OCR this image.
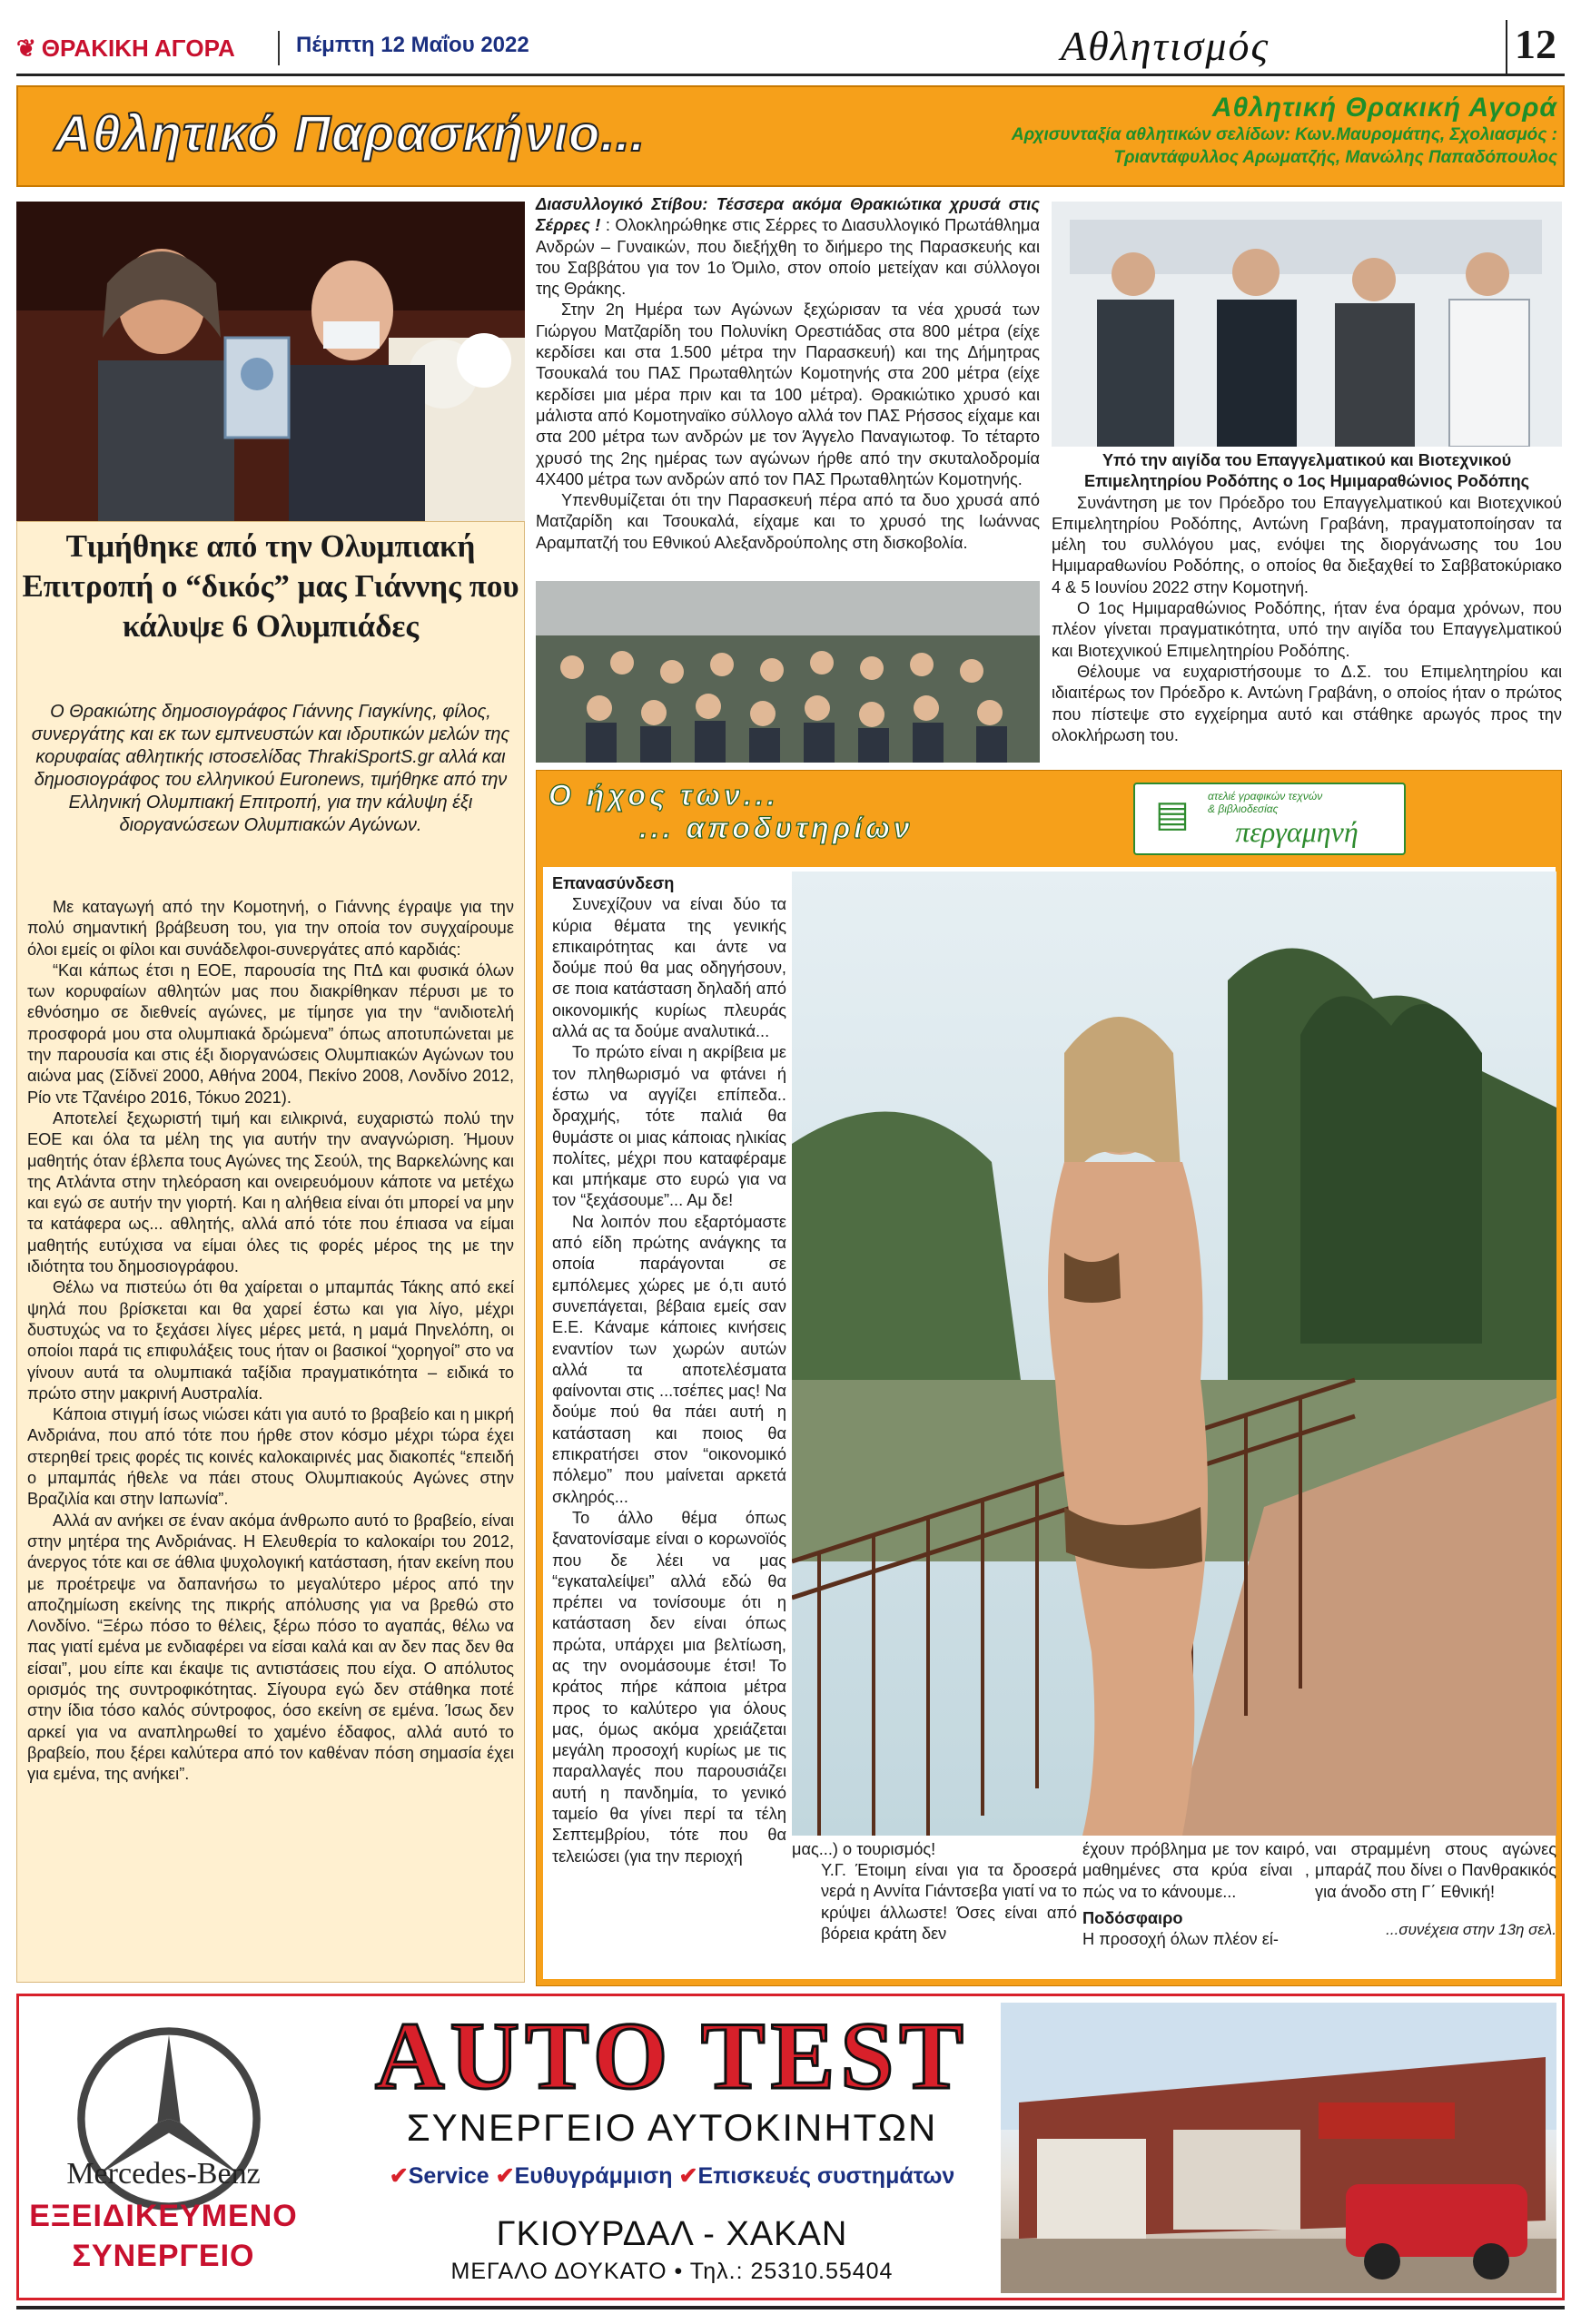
❦ ΘΡΑΚΙΚΗ ΑΓΟΡΑ	Πέμπτη 12 Μαΐου 2022	Αθλητισμός	12
Αθλητικό Παρασκήνιο...	Αθλητική Θρακική Αγορά
Αρχισυνταξία αθλητικών σελίδων: Κων.Μαυρομάτης, Σχολιασμός :
Τριαντάφυλλος Αρωματζής, Μανώλης Παπαδόπουλος
Τιμήθηκε από την Ολυμπιακή Επιτροπή ο “δικός” μας Γιάννης που κάλυψε 6 Ολυμπιάδες
Ο Θρακιώτης δημοσιογράφος Γιάννης Γιαγκίνης, φίλος, συνεργάτης και εκ των εμπνευστών και ιδρυτικών μελών της κορυφαίας αθλητικής ιστοσελίδας ThrakiSportS.gr αλλά και δημοσιογράφος του ελληνικού Euronews, τιμήθηκε από την Ελληνική Ολυμπιακή Επιτροπή, για την κάλυψη έξι διοργανώσεων Ολυμπιακών Αγώνων.

Με καταγωγή από την Κομοτηνή, ο Γιάννης έγραψε για την πολύ σημαντική βράβευση του, για την οποία τον συγχαίρουμε όλοι εμείς οι φίλοι και συνάδελφοι-συνεργάτες από καρδιάς:

“Και κάπως έτσι η ΕΟΕ, παρουσία της ΠτΔ και φυσικά όλων των κορυφαίων αθλητών μας που διακρίθηκαν πέρυσι με το εθνόσημο σε διεθνείς αγώνες, με τίμησε για την “ανιδιοτελή προσφορά μου στα ολυμπιακά δρώμενα” όπως αποτυπώνεται με την παρουσία και στις έξι διοργανώσεις Ολυμπιακών Αγώνων του αιώνα μας (Σίδνεϊ 2000, Αθήνα 2004, Πεκίνο 2008, Λονδίνο 2012, Ρίο ντε Τζανέιρο 2016, Τόκυο 2021).

Αποτελεί ξεχωριστή τιμή και ειλικρινά, ευχαριστώ πολύ την ΕΟΕ και όλα τα μέλη της για αυτήν την αναγνώριση. Ήμουν μαθητής όταν έβλεπα τους Αγώνες της Σεούλ, της Βαρκελώνης και της Ατλάντα στην τηλεόραση και ονειρευόμουν κάποτε να μετέχω και εγώ σε αυτήν την γιορτή. Και η αλήθεια είναι ότι μπορεί να μην τα κατάφερα ως... αθλητής, αλλά από τότε που έπιασα να είμαι μαθητής ευτύχισα να είμαι όλες τις φορές μέρος της με την ιδιότητα του δημοσιογράφου.

Θέλω να πιστεύω ότι θα χαίρεται ο μπαμπάς Τάκης από εκεί ψηλά που βρίσκεται και θα χαρεί έστω και για λίγο, μέχρι δυστυχώς να το ξεχάσει λίγες μέρες μετά, η μαμά Πηνελόπη, οι οποίοι παρά τις επιφυλάξεις τους ήταν οι βασικοί “χορηγοί” στο να γίνουν αυτά τα ολυμπιακά ταξίδια πραγματικότητα – ειδικά το πρώτο στην μακρινή Αυστραλία.

Κάποια στιγμή ίσως νιώσει κάτι για αυτό το βραβείο και η μικρή Ανδριάνα, που από τότε που ήρθε στον κόσμο μέχρι τώρα έχει στερηθεί τρεις φορές τις κοινές καλοκαιρινές μας διακοπές “επειδή ο μπαμπάς ήθελε να πάει στους Ολυμπιακούς Αγώνες στην Βραζιλία και στην Ιαπωνία”.

Αλλά αν ανήκει σε έναν ακόμα άνθρωπο αυτό το βραβείο, είναι στην μητέρα της Ανδριάνας. Η Ελευθερία το καλοκαίρι του 2012, άνεργος τότε και σε άθλια ψυχολογική κατάσταση, ήταν εκείνη που με προέτρεψε να δαπανήσω το μεγαλύτερο μέρος από την αποζημίωση εκείνης της πικρής απόλυσης για να βρεθώ στο Λονδίνο. “Ξέρω πόσο το θέλεις, ξέρω πόσο το αγαπάς, θέλω να πας γιατί εμένα με ενδιαφέρει να είσαι καλά και αν δεν πας δεν θα είσαι”, μου είπε και έκαψε τις αντιστάσεις που είχα. Ο απόλυτος ορισμός της συντροφικότητας. Σίγουρα εγώ δεν στάθηκα ποτέ στην ίδια τόσο καλός σύντροφος, όσο εκείνη σε εμένα. Ίσως δεν αρκεί για να αναπληρωθεί το χαμένο έδαφος, αλλά αυτό το βραβείο, που ξέρει καλύτερα από τον καθέναν πόση σημασία έχει για εμένα, της ανήκει”.

Διασυλλογικό Στίβου: Τέσσερα ακόμα Θρακιώτικα χρυσά στις Σέρρες ! : Ολοκληρώθηκε στις Σέρρες το Διασυλλογικό Πρωτάθλημα Ανδρών – Γυναικών, που διεξήχθη το διήμερο της Παρασκευής και του Σαββάτου για τον 1ο Όμιλο, στον οποίο μετείχαν και σύλλογοι της Θράκης.

Στην 2η Ημέρα των Αγώνων ξεχώρισαν τα νέα χρυσά των Γιώργου Ματζαρίδη του Πολυνίκη Ορεστιάδας στα 800 μέτρα (είχε κερδίσει και στα 1.500 μέτρα την Παρασκευή) και της Δήμητρας Τσουκαλά του ΠΑΣ Πρωταθλητών Κομοτηνής στα 200 μέτρα (είχε κερδίσει μια μέρα πριν και τα 100 μέτρα). Θρακιώτικο χρυσό και μάλιστα από Κομοτηναϊκο σύλλογο αλλά τον ΠΑΣ Ρήσσος είχαμε και στα 200 μέτρα των ανδρών με τον Άγγελο Παναγιωτοφ. Το τέταρτο χρυσό της 2ης ημέρας των αγώνων ήρθε από την σκυταλοδρομία 4Χ400 μέτρα των ανδρών από τον ΠΑΣ Πρωταθλητών Κομοτηνής.

Υπενθυμίζεται ότι την Παρασκευή πέρα από τα δυο χρυσά από Ματζαρίδη και Τσουκαλά, είχαμε και το χρυσό της Ιωάννας Αραμπατζή του Εθνικού Αλεξανδρούπολης στη δισκοβολία.

Υπό την αιγίδα του Επαγγελματικού και Βιοτεχνικού Επιμελητηρίου Ροδόπης ο 1ος Ημιμαραθώνιος Ροδόπης

Συνάντηση με τον Πρόεδρο του Επαγγελματικού και Βιοτεχνικού Επιμελητηρίου Ροδόπης, Αντώνη Γραβάνη, πραγματοποίησαν τα μέλη του συλλόγου μας, ενόψει της διοργάνωσης του 1ου Ημιμαραθωνίου Ροδόπης, ο οποίος θα διεξαχθεί το Σαββατοκύριακο 4 & 5 Ιουνίου 2022 στην Κομοτηνή.

Ο 1ος Ημιμαραθώνιος Ροδόπης, ήταν ένα όραμα χρόνων, που πλέον γίνεται πραγματικότητα, υπό την αιγίδα του Επαγγελματικού και Βιοτεχνικού Επιμελητηρίου Ροδόπης.

Θέλουμε να ευχαριστήσουμε το Δ.Σ. του Επιμελητηρίου και ιδιαιτέρως τον Πρόεδρο κ. Αντώνη Γραβάνη, ο οποίος ήταν ο πρώτος που πίστεψε στο εγχείρημα αυτό και στάθηκε αρωγός προς την ολοκλήρωση του.

Ο ήχος των...
... αποδυτηρίων
ατελιέ γραφικών τεχνών
& βιβλιοδεσίας
περγαμηνή
▤

Επανασύνδεση

Συνεχίζουν να είναι δύο τα κύρια θέματα της γενικής επικαιρότητας και άντε να δούμε πού θα μας οδηγήσουν, σε ποια κατάσταση δηλαδή από οικονομικής κυρίως πλευράς αλλά ας τα δούμε αναλυτικά...

Το πρώτο είναι η ακρίβεια με τον πληθωρισμό να φτάνει ή έστω να αγγίζει επίπεδα.. δραχμής, τότε παλιά θα θυμάστε οι μιας κάποιας ηλικίας πολίτες, μέχρι που καταφέραμε και μπήκαμε στο ευρώ για να τον “ξεχάσουμε”... Αμ δε!

Να λοιπόν που εξαρτόμαστε από είδη πρώτης ανάγκης τα οποία παράγονται σε εμπόλεμες χώρες με ό,τι αυτό συνεπάγεται, βέβαια εμείς σαν Ε.Ε. Κάναμε κάποιες κινήσεις εναντίον των χωρών αυτών αλλά τα αποτελέσματα φαίνονται στις ...τσέπες μας! Να δούμε πού θα πάει αυτή η κατάσταση και ποιος θα επικρατήσει στον “οικονομικό πόλεμο” που μαίνεται αρκετά σκληρός...

Το άλλο θέμα όπως ξανατονίσαμε είναι ο κορωνοϊός που δε λέει να μας “εγκαταλείψει” αλλά εδώ θα πρέπει να τονίσουμε ότι η κατάσταση δεν είναι όπως πρώτα, υπάρχει μια βελτίωση, ας την ονομάσουμε έτσι! Το κράτος πήρε κάποια μέτρα προς το καλύτερο για όλους μας, όμως ακόμα χρειάζεται μεγάλη προσοχή κυρίως με τις παραλλαγές που παρουσιάζει αυτή η πανδημία, το γενικό ταμείο θα γίνει περί τα τέλη Σεπτεμβρίου, τότε που θα τελειώσει (για την περιοχή	μας...) ο τουρισμός!
Υ.Γ. Έτοιμη είναι για τα δροσερά νερά η Αννίτα Γιάντσεβα γιατί να το κρύψει άλλωστε! Όσες είναι από βόρεια κράτη δεν
έχουν πρόβλημα με τον καιρό, μαθημένες στα κρύα είναι , πώς να το κάνουμε...
Ποδόσφαιρο
Η προσοχή όλων πλέον εί-
ναι στραμμένη στους αγώνες μπαράζ που δίνει ο Πανθρακικός για άνοδο στη Γ΄ Εθνική!
...συνέχεια στην 13η σελ.
Mercedes-Benz
ΕΞΕΙΔΙΚΕΥΜΕΝΟ
ΣΥΝΕΡΓΕΙΟ
AUTO TEST
ΣΥΝΕΡΓΕΙΟ ΑΥΤΟΚΙΝΗΤΩΝ
✔Service ✔Ευθυγράμμιση ✔Επισκευές συστημάτων
ΓΚΙΟΥΡΔΑΛ - ΧΑΚΑΝ
ΜΕΓΑΛΟ ΔΟΥΚΑΤΟ • Τηλ.: 25310.55404
